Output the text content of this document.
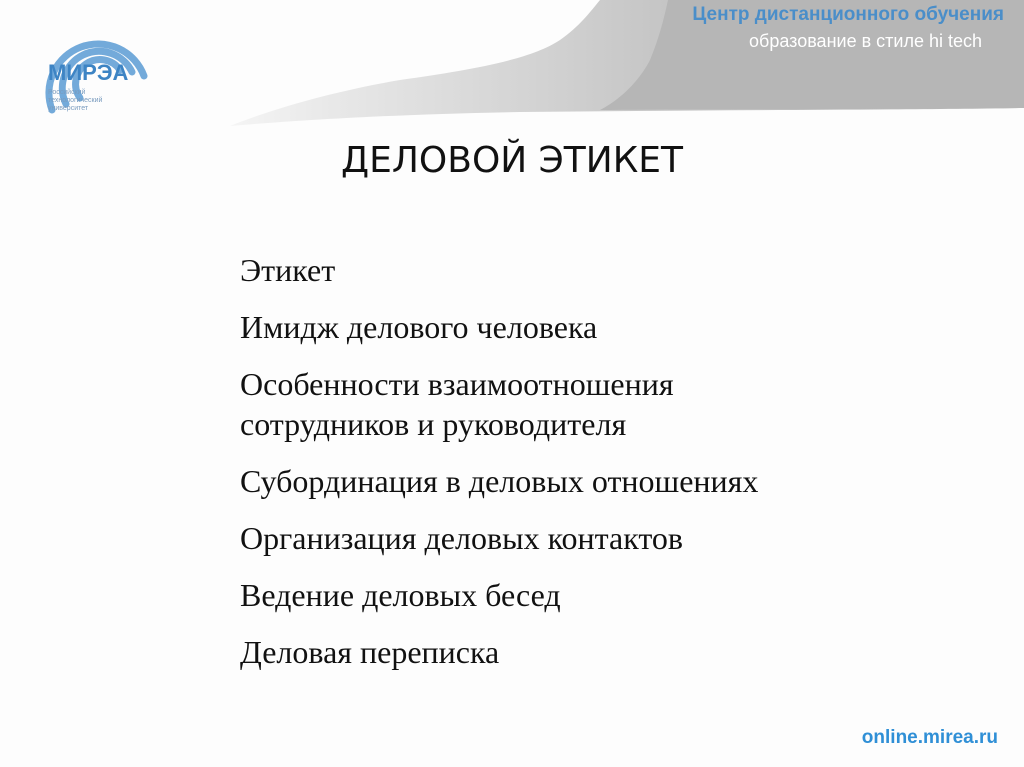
МИРЭА
Российский технологический университет
Центр дистанционного обучения
образование в стиле hi tech
ДЕЛОВОЙ ЭТИКЕТ
Этикет
Имидж делового человека
Особенности взаимоотношения
сотрудников и руководителя
Субординация в деловых отношениях
Организация деловых контактов
Ведение деловых бесед
Деловая переписка
online.mirea.ru
